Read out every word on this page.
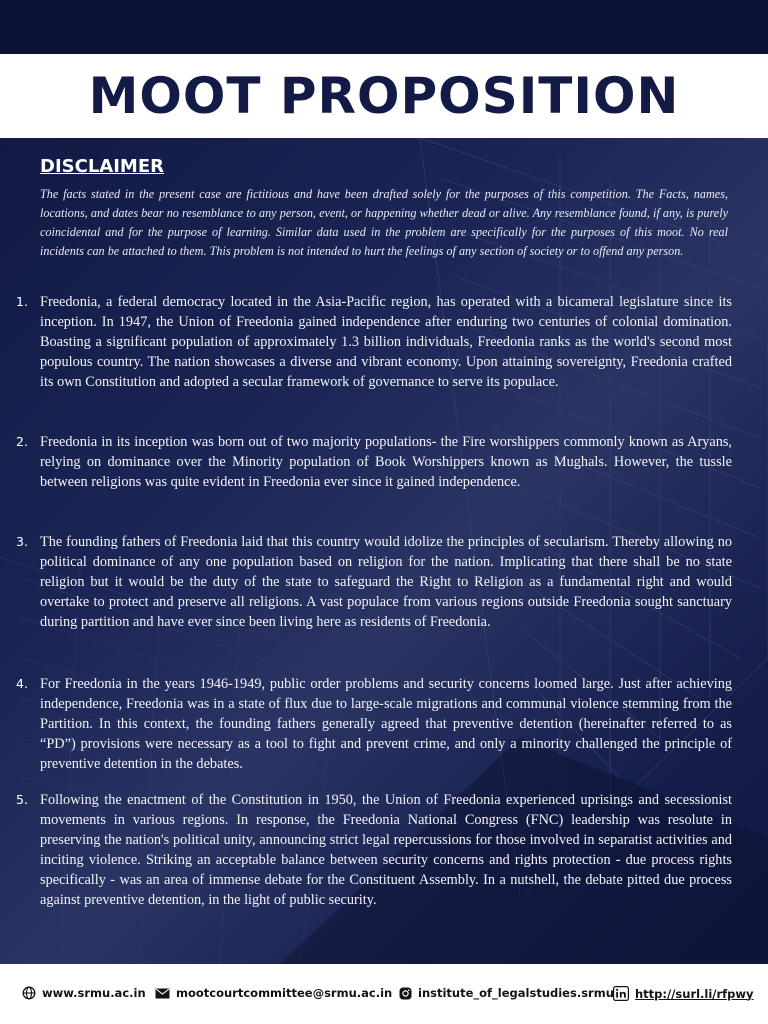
MOOT PROPOSITION
DISCLAIMER

The facts stated in the present case are fictitious and have been drafted solely for the purposes of this competition. The Facts, names, locations, and dates bear no resemblance to any person, event, or happening whether dead or alive. Any resemblance found, if any, is purely coincidental and for the purpose of learning. Similar data used in the problem are specifically for the purposes of this moot. No real incidents can be attached to them. This problem is not intended to hurt the feelings of any section of society or to offend any person.

1. Freedonia, a federal democracy located in the Asia-Pacific region, has operated with a bicameral legislature since its inception. In 1947, the Union of Freedonia gained independence after enduring two centuries of colonial domination. Boasting a significant population of approximately 1.3 billion individuals, Freedonia ranks as the world's second most populous country. The nation showcases a diverse and vibrant economy. Upon attaining sovereignty, Freedonia crafted its own Constitution and adopted a secular framework of governance to serve its populace.
2. Freedonia in its inception was born out of two majority populations- the Fire worshippers commonly known as Aryans, relying on dominance over the Minority population of Book Worshippers known as Mughals. However, the tussle between religions was quite evident in Freedonia ever since it gained independence.
3. The founding fathers of Freedonia laid that this country would idolize the principles of secularism. Thereby allowing no political dominance of any one population based on religion for the nation. Implicating that there shall be no state religion but it would be the duty of the state to safeguard the Right to Religion as a fundamental right and would overtake to protect and preserve all religions. A vast populace from various regions outside Freedonia sought sanctuary during partition and have ever since been living here as residents of Freedonia.
4. For Freedonia in the years 1946-1949, public order problems and security concerns loomed large. Just after achieving independence, Freedonia was in a state of flux due to large-scale migrations and communal violence stemming from the Partition. In this context, the founding fathers generally agreed that preventive detention (hereinafter referred to as “PD”) provisions were necessary as a tool to fight and prevent crime, and only a minority challenged the principle of preventive detention in the debates.
5. Following the enactment of the Constitution in 1950, the Union of Freedonia experienced uprisings and secessionist movements in various regions. In response, the Freedonia National Congress (FNC) leadership was resolute in preserving the nation's political unity, announcing strict legal repercussions for those involved in separatist activities and inciting violence. Striking an acceptable balance between security concerns and rights protection - due process rights specifically - was an area of immense debate for the Constituent Assembly. In a nutshell, the debate pitted due process against preventive detention, in the light of public security.
www.srmu.ac.in	mootcourtcommittee@srmu.ac.in institute_of_legalstudies.srmu http://surl.li/rfpwy
